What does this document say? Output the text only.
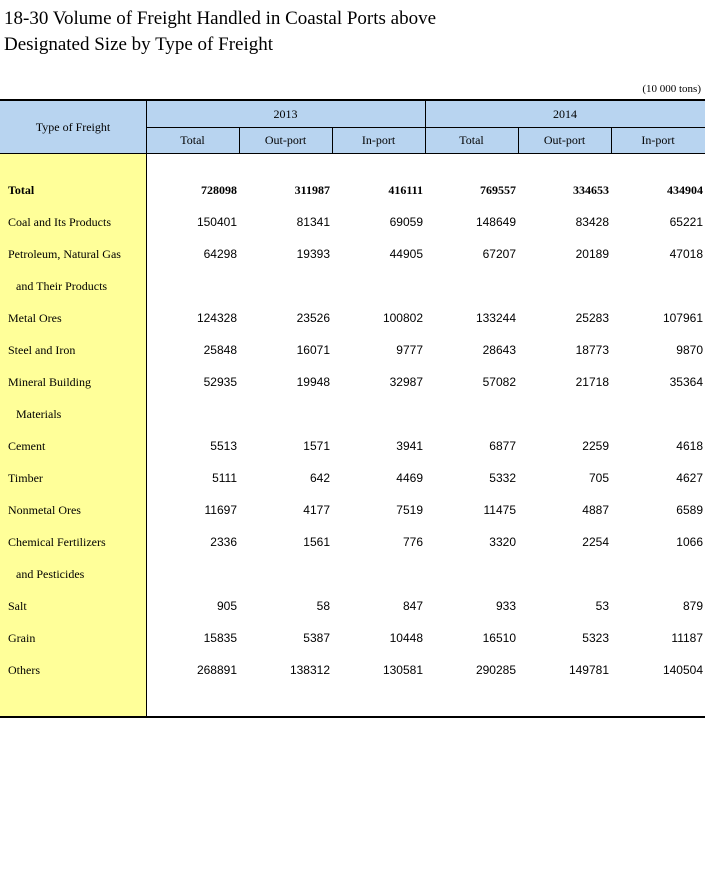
18-30 Volume of Freight Handled in Coastal Ports above
Designated Size by Type of Freight
(10 000 tons)
Type of Freight
2013	2014
Total	Out-port	In-port	Total	Out-port	In-port
Total	728098	311987	416111	769557	334653	434904
Coal and Its Products	150401	81341	69059	148649	83428	65221
Petroleum, Natural Gas	64298	19393	44905	67207	20189	47018
and Their Products
Metal Ores	124328	23526	100802	133244	25283	107961
Steel and Iron	25848	16071	9777	28643	18773	9870
Mineral Building	52935	19948	32987	57082	21718	35364
Materials
Cement	5513	1571	3941	6877	2259	4618
Timber	5111	642	4469	5332	705	4627
Nonmetal Ores	11697	4177	7519	11475	4887	6589
Chemical Fertilizers	2336	1561	776	3320	2254	1066
and Pesticides
Salt	905	58	847	933	53	879
Grain	15835	5387	10448	16510	5323	11187
Others	268891	138312	130581	290285	149781	140504
